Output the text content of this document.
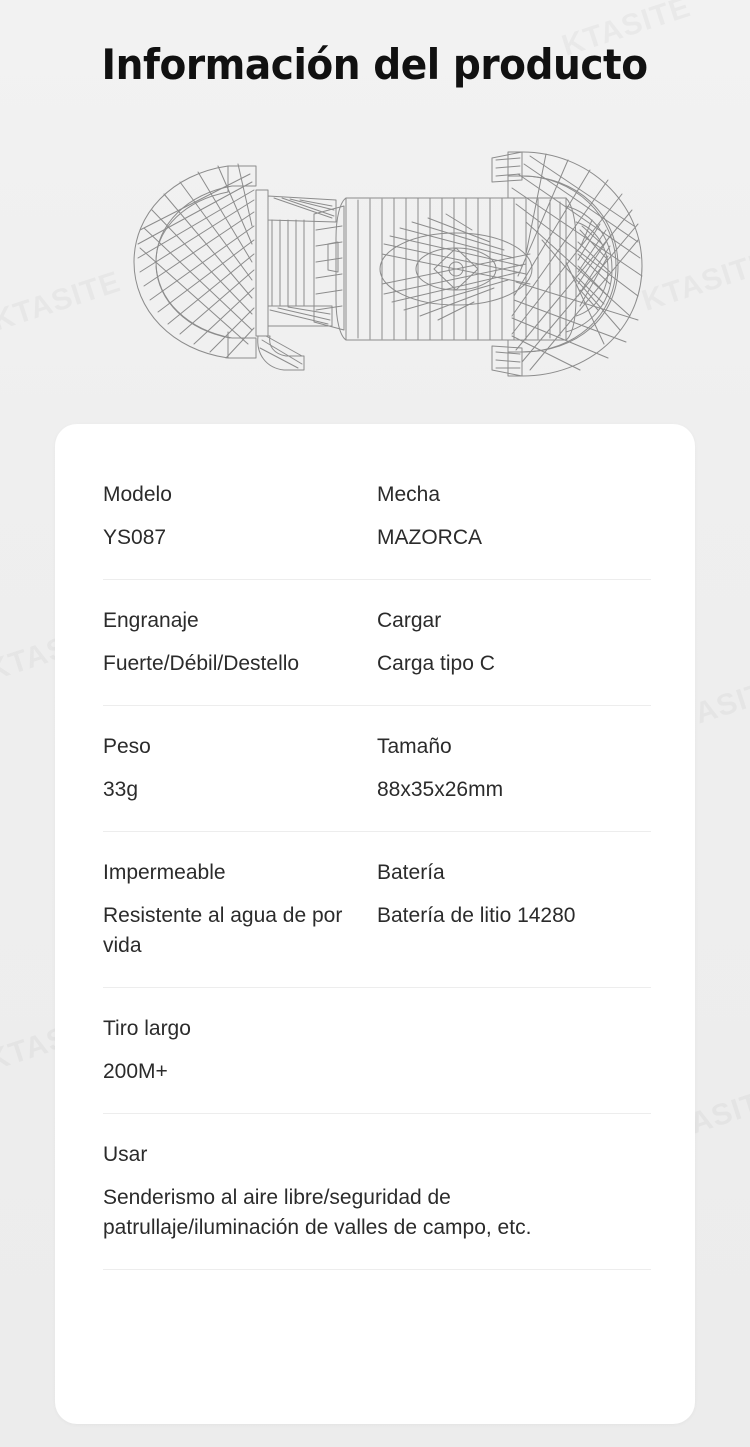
Información del producto
Modelo
YS087
Mecha
MAZORCA
Engranaje
Fuerte/Débil/Destello
Cargar
Carga tipo C
Peso
33g
Tamaño
88x35x26mm
Impermeable
Resistente al agua de por vida
Batería
Batería de litio 14280
Tiro largo
200M+
Usar
Senderismo al aire libre/seguridad de patrullaje/iluminación de valles de campo, etc.
